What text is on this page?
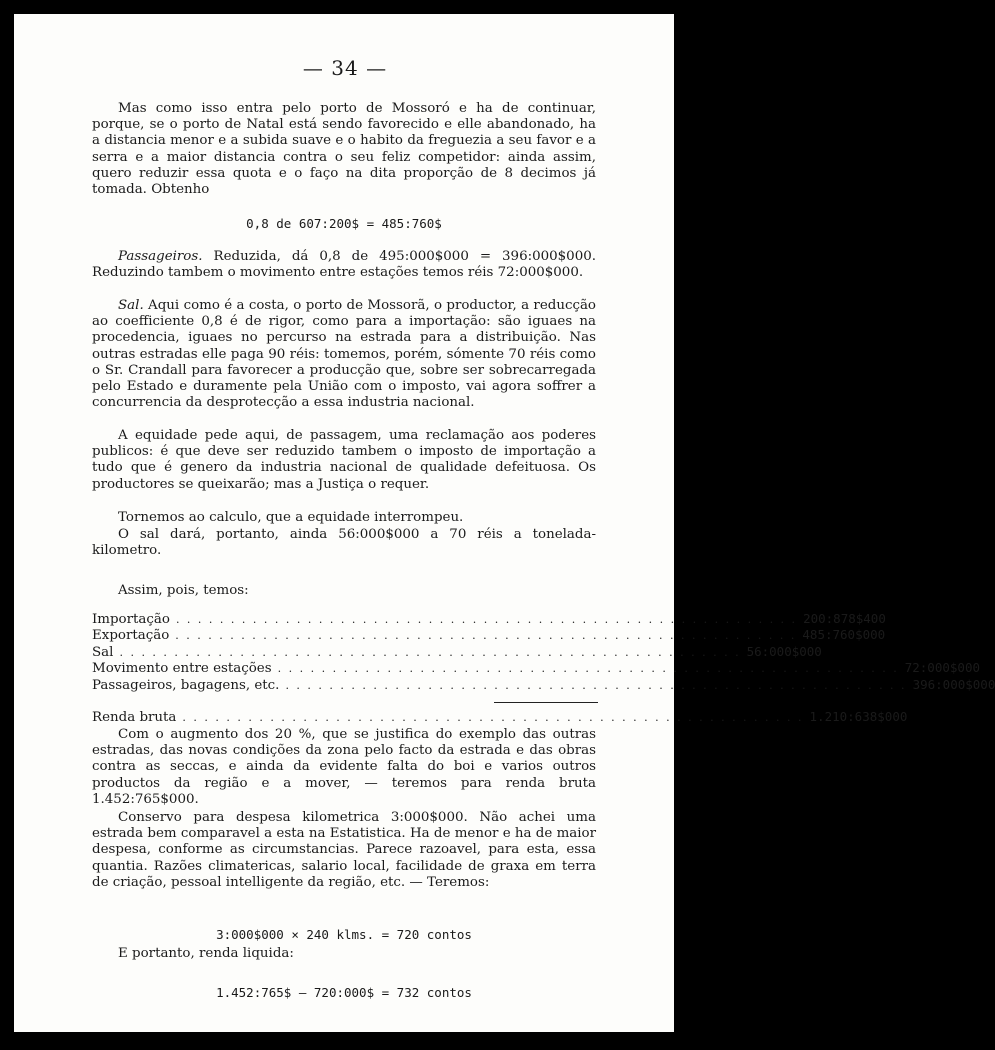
— 34 —

Mas como isso entra pelo porto de Mossoró e ha de continuar, porque, se o porto de Natal está sendo favorecido e elle abandonado, ha a distancia menor e a subida suave e o habito da freguezia a seu favor e a serra e a maior distancia contra o seu feliz competidor: ainda assim, quero reduzir essa quota e o faço na dita proporção de 8 decimos já tomada. Obtenho

0,8 de 607:200$ = 485:760$

Passageiros. Reduzida, dá 0,8 de 495:000$000 = 396:000$000. Reduzindo tambem o movimento entre estações temos réis 72:000$000.

Sal. Aqui como é a costa, o porto de Mossorã, o productor, a reducção ao coefficiente 0,8 é de rigor, como para a importação: são iguaes na procedencia, iguaes no percurso na estrada para a distribuição. Nas outras estradas elle paga 90 réis: tomemos, porém, sómente 70 réis como o Sr. Crandall para favorecer a producção que, sobre ser sobrecarregada pelo Estado e duramente pela União com o imposto, vai agora soffrer a concurrencia da desprotecção a essa industria nacional.

A equidade pede aqui, de passagem, uma reclamação aos poderes publicos: é que deve ser reduzido tambem o imposto de importação a tudo que é genero da industria nacional de qualidade defeituosa. Os productores se queixarão; mas a Justiça o requer.

Tornemos ao calculo, que a equidade interrompeu.

O sal dará, portanto, ainda 56:000$000 a 70 réis a tonelada-kilometro.

Assim, pois, temos:

Importação . . . . . . . . . . . . . . . . . . . . . . . . . . . . . . . . . . . . . . . . . . . . . . . . . . . . . . . . . 200:878$400
Exportação . . . . . . . . . . . . . . . . . . . . . . . . . . . . . . . . . . . . . . . . . . . . . . . . . . . . . . . . . 485:760$000
Sal . . . . . . . . . . . . . . . . . . . . . . . . . . . . . . . . . . . . . . . . . . . . . . . . . . . . . . . . . 56:000$000
Movimento entre estações . . . . . . . . . . . . . . . . . . . . . . . . . . . . . . . . . . . . . . . . . . . . . . . . . . . . . . . . . 72:000$000
Passageiros, bagagens, etc. . . . . . . . . . . . . . . . . . . . . . . . . . . . . . . . . . . . . . . . . . . . . . . . . . . . . . . . . . 396:000$000
Renda bruta . . . . . . . . . . . . . . . . . . . . . . . . . . . . . . . . . . . . . . . . . . . . . . . . . . . . . . . . . 1.210:638$000

Com o augmento dos 20 %, que se justifica do exemplo das outras estradas, das novas condições da zona pelo facto da estrada e das obras contra as seccas, e ainda da evidente falta do boi e varios outros productos da região e a mover, — teremos para renda bruta 1.452:765$000.

Conservo para despesa kilometrica 3:000$000. Não achei uma estrada bem comparavel a esta na Estatistica. Ha de menor e ha de maior despesa, conforme as circumstancias. Parece razoavel, para esta, essa quantia. Razões climatericas, salario local, facilidade de graxa em terra de criação, pessoal intelligente da região, etc. — Teremos:

3:000$000 × 240 klms. = 720 contos

E portanto, renda liquida:

1.452:765$ — 720:000$ = 732 contos
